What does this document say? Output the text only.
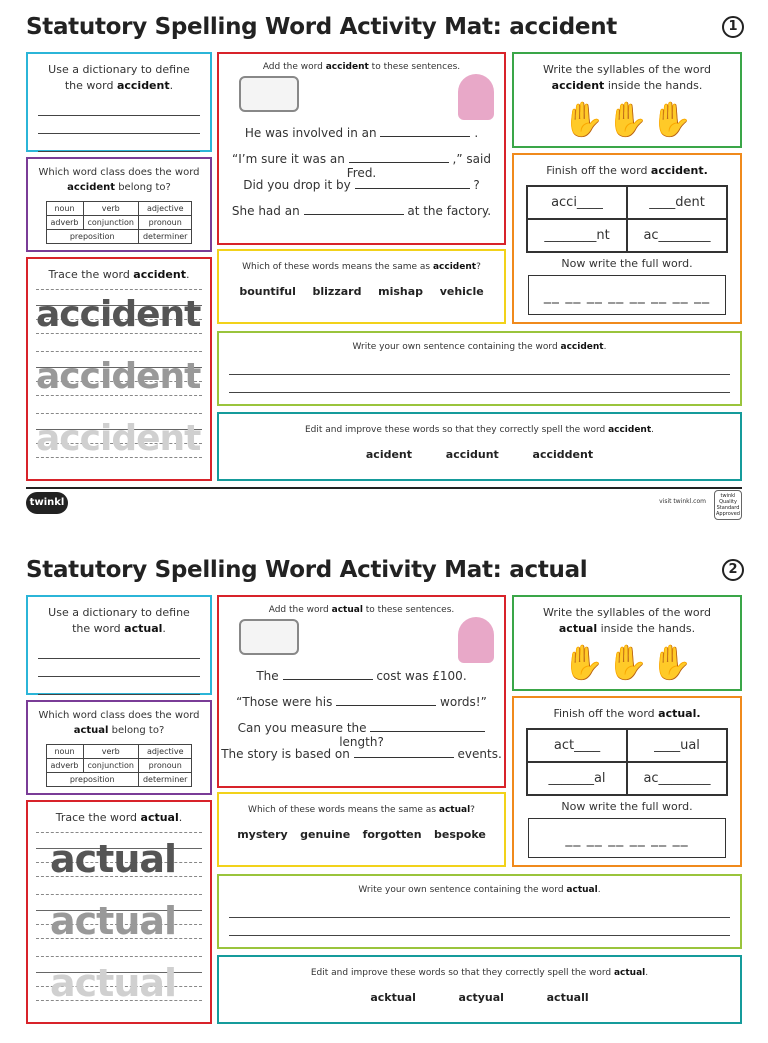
Statutory Spelling Word Activity Mat: accident	1
Use a dictionary to define the word accident.
Which word class does the word accident belong to?
noun	verb	adjective
adverb	conjunction	pronoun
preposition		determiner
Trace the word accident.
accident
accident
accident
Add the word accident to these sentences.
He was involved in an	.
“I’m sure it was an	,” said Fred.
Did you drop it by	?
She had an	at the factory.
Which of these words means the same as accident?
bountiful blizzard mishap vehicle
Write the syllables of the word accident inside the hands.
✋ ✋ ✋
Finish off the word accident.
acci____	____dent
________nt	ac________
Now write the full word.
__ __ __ __ __ __ __ __
Write your own sentence containing the word accident.
Edit and improve these words so that they correctly spell the word accident.
acident	accidunt	acciddent
twinkl	visit twinkl.com
twinkl Quality Standard Approved
Statutory Spelling Word Activity Mat: actual	2
Use a dictionary to define the word actual.
Which word class does the word actual belong to?
noun	verb	adjective
adverb	conjunction	pronoun
preposition		determiner
Trace the word actual.
actual
actual
actual
Add the word actual to these sentences.
The	cost was £100.
“Those were his	words!”
Can you measure the  length?
The story is based on	events.
Which of these words means the same as actual?
mystery genuine forgotten bespoke
Write the syllables of the word actual inside the hands.
✋ ✋ ✋
Finish off the word actual.
act____	____ual
_______al	ac________
Now write the full word.
__ __ __ __ __ __
Write your own sentence containing the word actual.
Edit and improve these words so that they correctly spell the word actual.
acktual	actyual	actuall
